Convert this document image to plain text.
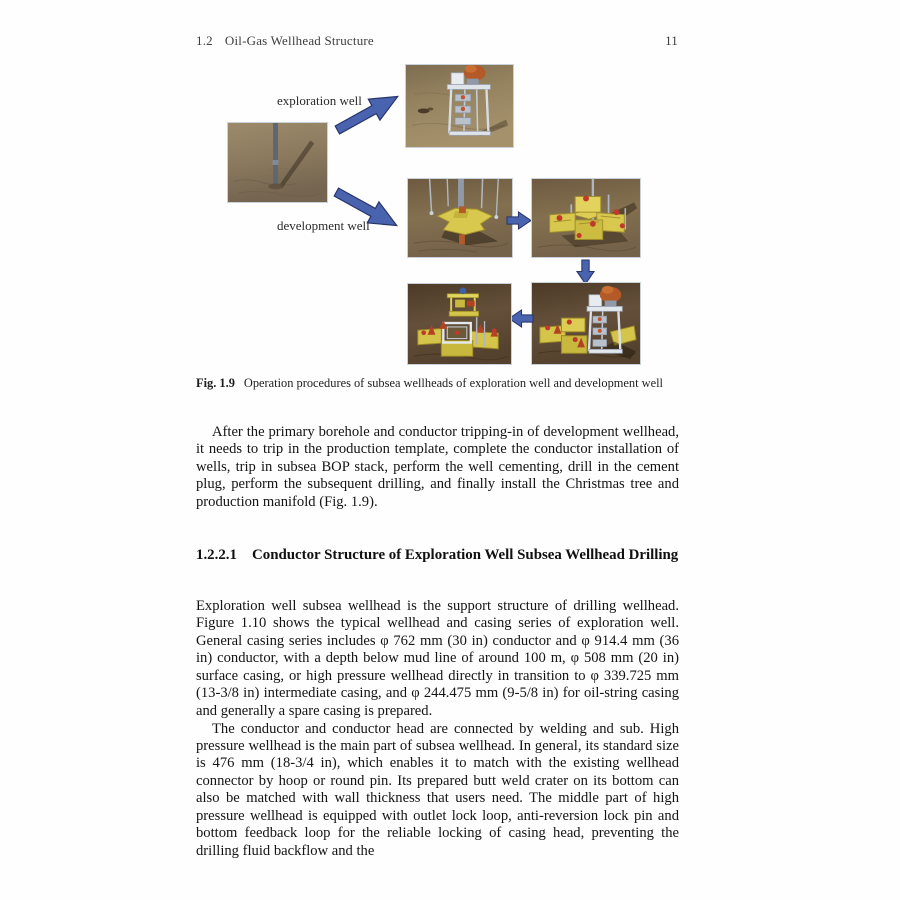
1.2 Oil-Gas Wellhead Structure	11
exploration well
development well
Fig. 1.9 Operation procedures of subsea wellheads of exploration well and development well

After the primary borehole and conductor tripping-in of development wellhead, it needs to trip in the production template, complete the conductor installation of wells, trip in subsea BOP stack, perform the well cementing, drill in the cement plug, perform the subsequent drilling, and finally install the Christmas tree and production manifold (Fig. 1.9).

1.2.2.1	Conductor Structure of Exploration Well Subsea Wellhead Drilling

Exploration well subsea wellhead is the support structure of drilling wellhead. Figure 1.10 shows the typical wellhead and casing series of exploration well. General casing series includes φ 762 mm (30 in) conductor and φ 914.4 mm (36 in) conductor, with a depth below mud line of around 100 m, φ 508 mm (20 in) surface casing, or high pressure wellhead directly in transition to φ 339.725 mm (13-3/8 in) intermediate casing, and φ 244.475 mm (9-5/8 in) for oil-string casing and generally a spare casing is prepared.

The conductor and conductor head are connected by welding and sub. High pressure wellhead is the main part of subsea wellhead. In general, its standard size is 476 mm (18-3/4 in), which enables it to match with the existing wellhead connector by hoop or round pin. Its prepared butt weld crater on its bottom can also be matched with wall thickness that users need. The middle part of high pressure wellhead is equipped with outlet lock loop, anti-reversion lock pin and bottom feedback loop for the reliable locking of casing head, preventing the drilling fluid backflow and the
